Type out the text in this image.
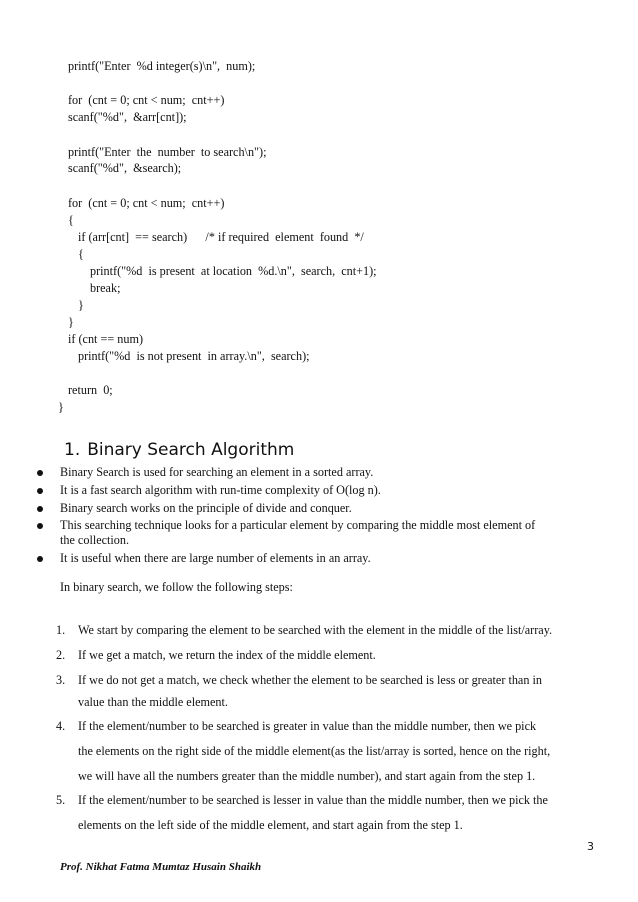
printf("Enter  %d integer(s)\n",  num);
for  (cnt = 0; cnt < num;  cnt++)
scanf("%d",  &arr[cnt]);
printf("Enter  the  number  to search\n");
scanf("%d",  &search);
for  (cnt = 0; cnt < num;  cnt++)
{
if (arr[cnt]  == search)      /* if required  element  found  */
{
printf("%d  is present  at location  %d.\n",  search,  cnt+1);
break;
}
}
if (cnt == num)
printf("%d  is not present  in array.\n",  search);
return  0;
}
1. Binary Search Algorithm
Binary Search is used for searching an element in a sorted array.
It is a fast search algorithm with run-time complexity of O(log n).
Binary search works on the principle of divide and conquer.
This searching technique looks for a particular element by comparing the middle most element of
the collection.
It is useful when there are large number of elements in an array.
In binary search, we follow the following steps:
1. We start by comparing the element to be searched with the element in the middle of the list/array.
2. If we get a match, we return the index of the middle element.
3. If we do not get a match, we check whether the element to be searched is less or greater than in
value than the middle element.
4. If the element/number to be searched is greater in value than the middle number, then we pick
the elements on the right side of the middle element(as the list/array is sorted, hence on the right,
we will have all the numbers greater than the middle number), and start again from the step 1.
5. If the element/number to be searched is lesser in value than the middle number, then we pick the
elements on the left side of the middle element, and start again from the step 1.
3
Prof. Nikhat Fatma Mumtaz Husain Shaikh
